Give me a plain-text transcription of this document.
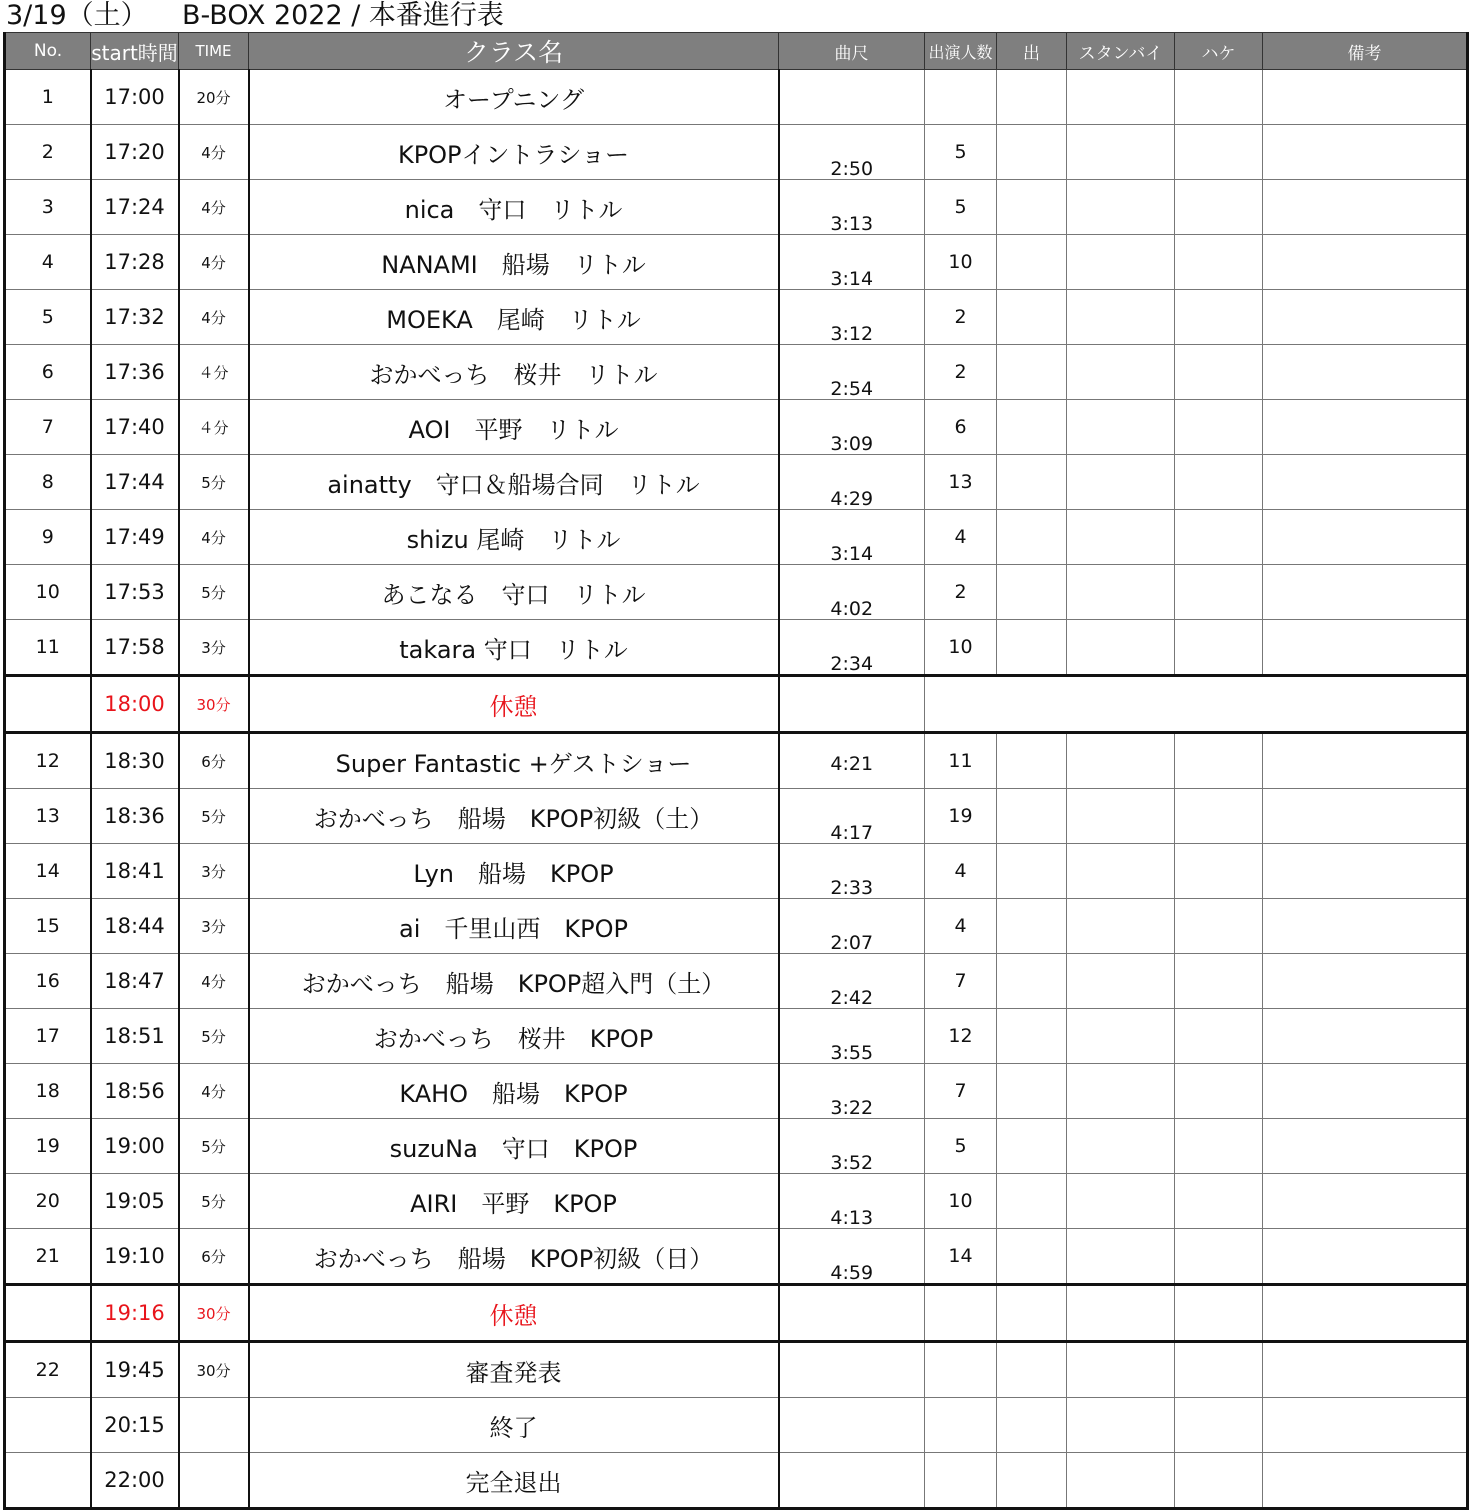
3/19（土） B-BOX 2022 / 本番進行表
No.	start時間	TIME	クラス名	曲尺	出演人数	出	スタンバイ	ハケ	備考
1	17:00	20分	オープニング						
2	17:20	4分	KPOPイントラショー	2:50	5				
3	17:24	4分	nica　守口　リトル	3:13	5				
4	17:28	4分	NANAMI　船場　リトル	3:14	10				
5	17:32	4分	MOEKA　尾崎　リトル	3:12	2				
6	17:36	４分	おかべっち　桜井　リトル	2:54	2				
7	17:40	４分	AOI　平野　リトル	3:09	6				
8	17:44	5分	ainatty　守口＆船場合同　リトル	4:29	13				
9	17:49	4分	shizu 尾崎　リトル	3:14	4				
10	17:53	5分	あこなる　守口　リトル	4:02	2				
11	17:58	3分	takara 守口　リトル	2:34	10				
	18:00	30分	休憩						
12	18:30	6分	Super Fantastic +ゲストショー	4:21	11				
13	18:36	5分	おかべっち　船場　KPOP初級（土）	4:17	19				
14	18:41	3分	Lyn　船場　KPOP	2:33	4				
15	18:44	3分	ai　千里山西　KPOP	2:07	4				
16	18:47	4分	おかべっち　船場　KPOP超入門（土）	2:42	7				
17	18:51	5分	おかべっち　桜井　KPOP	3:55	12				
18	18:56	4分	KAHO　船場　KPOP	3:22	7				
19	19:00	5分	suzuNa　守口　KPOP	3:52	5				
20	19:05	5分	AIRI　平野　KPOP	4:13	10				
21	19:10	6分	おかべっち　船場　KPOP初級（日）	4:59	14				
	19:16	30分	休憩						
22	19:45	30分	審査発表						
	20:15		終了						
	22:00		完全退出						
